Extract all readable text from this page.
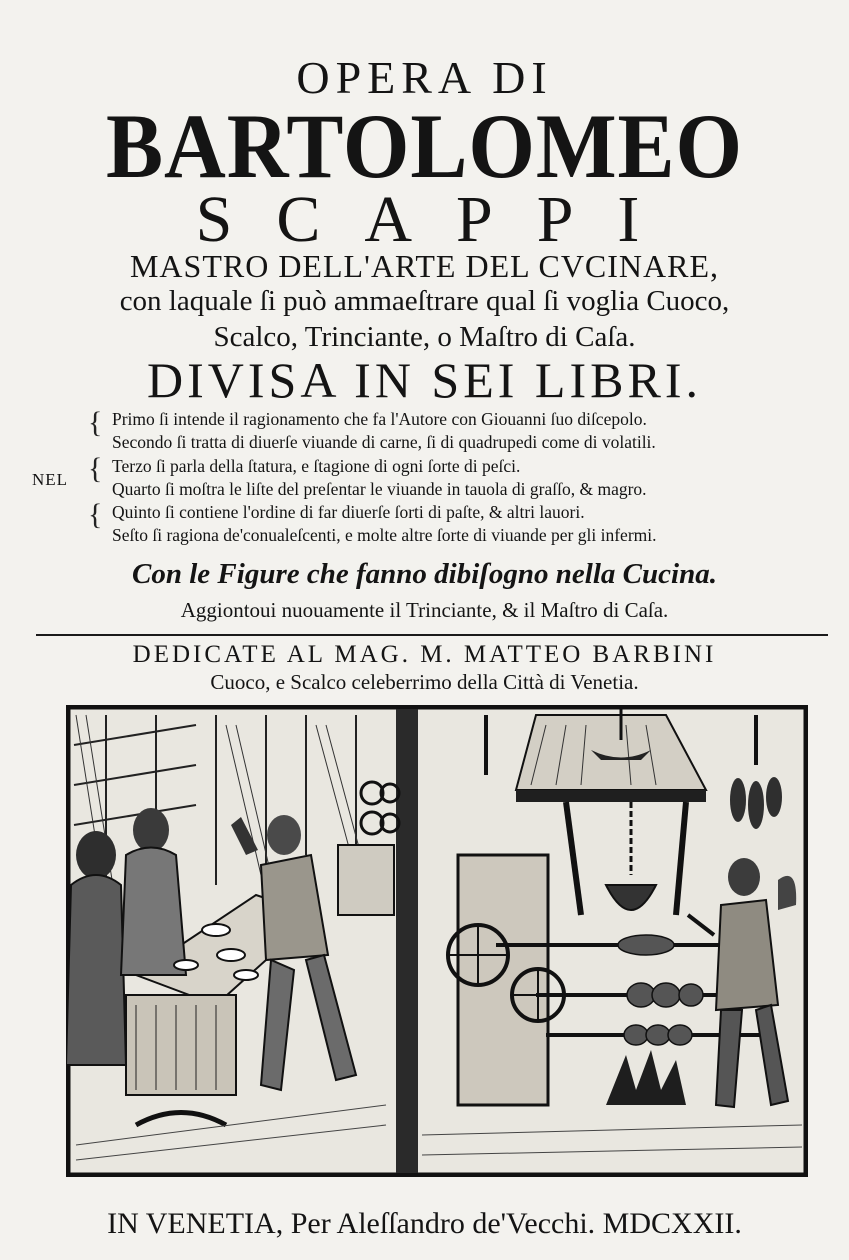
OPERA DI
BARTOLOMEO
SCAPPI
MASTRO DELL'ARTE DEL CVCINARE,
con laquale ſi può ammaeſtrare qual ſi voglia Cuoco,
Scalco, Trinciante, o Maſtro di Caſa.
DIVISA IN SEI LIBRI.
NEL
{
{
{
Primo ſi intende il ragionamento che fa l'Autore con Giouanni ſuo diſcepolo.
Secondo ſi tratta di diuerſe viuande di carne, ſi di quadrupedi come di volatili.
Terzo ſi parla della ſtatura, e ſtagione di ogni ſorte di peſci.
Quarto ſi moſtra le liſte del preſentar le viuande in tauola di graſſo, & magro.
Quinto ſi contiene l'ordine di far diuerſe ſorti di paſte, & altri lauori.
Seſto ſi ragiona de'conualeſcenti, e molte altre ſorte di viuande per gli infermi.
Con le Figure che fanno dibiſogno nella Cucina.
Aggiontoui nuouamente il Trinciante, & il Maſtro di Caſa.
DEDICATE AL MAG. M. MATTEO BARBINI
Cuoco, e Scalco celeberrimo della Città di Venetia.
IN VENETIA, Per Aleſſandro de'Vecchi. MDCXXII.
